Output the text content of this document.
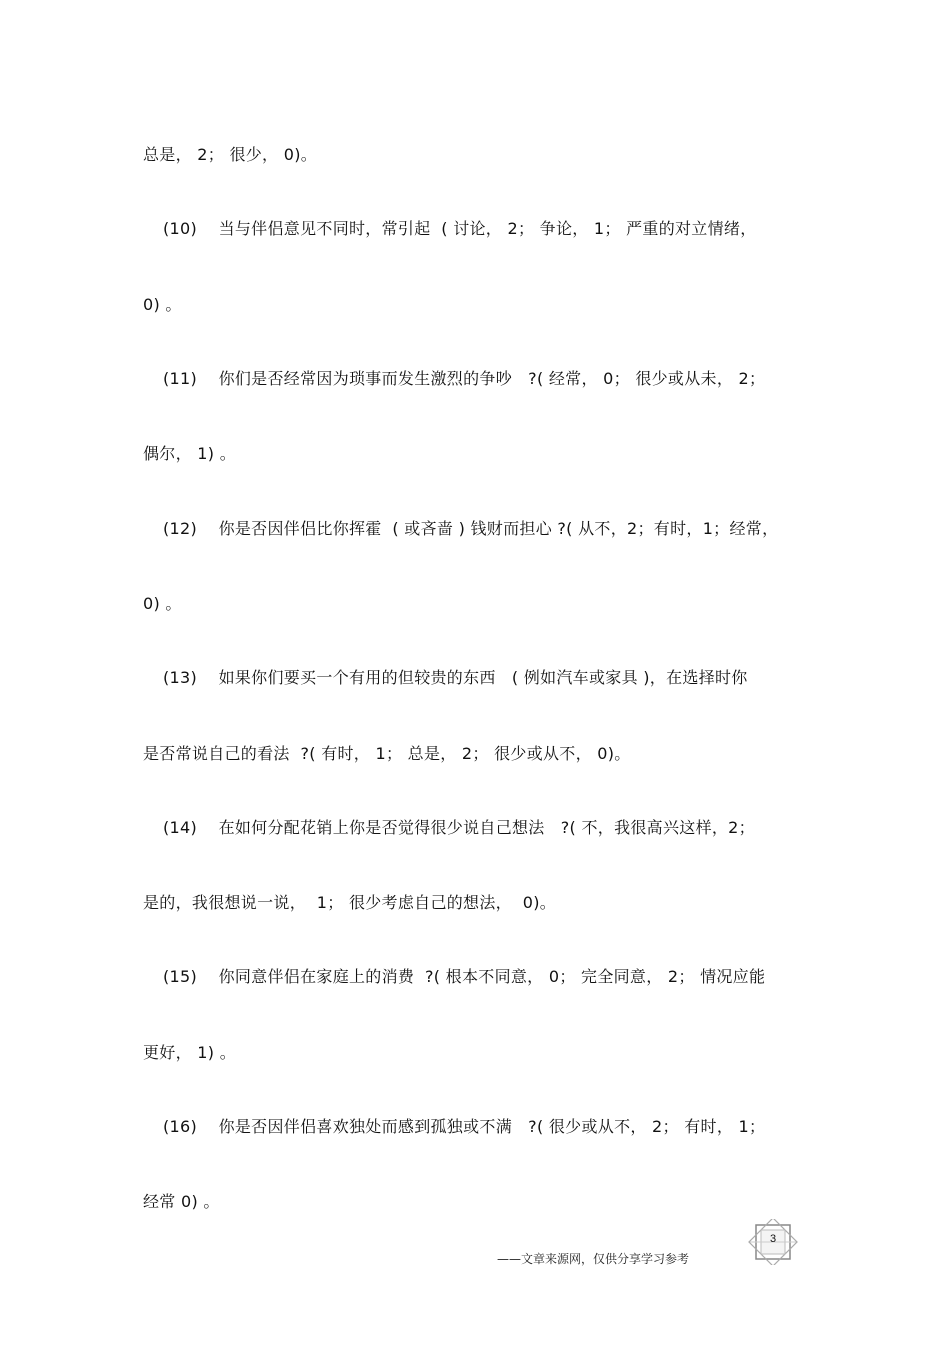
总是， 2； 很少， 0)。
(10)    当与伴侣意见不同时，常引起  ( 讨论， 2； 争论， 1； 严重的对立情绪，
0) 。
(11)    你们是否经常因为琐事而发生激烈的争吵   ?( 经常， 0； 很少或从未， 2；
偶尔， 1) 。
(12)    你是否因伴侣比你挥霍  ( 或吝啬 ) 钱财而担心 ?( 从不，2；有时，1；经常，
0) 。
(13)    如果你们要买一个有用的但较贵的东西   ( 例如汽车或家具 )，在选择时你
是否常说自己的看法  ?( 有时， 1； 总是， 2； 很少或从不， 0)。
(14)    在如何分配花销上你是否觉得很少说自己想法   ?( 不，我很高兴这样，2；
是的，我很想说一说，  1； 很少考虑自己的想法，  0)。
(15)    你同意伴侣在家庭上的消费  ?( 根本不同意， 0； 完全同意， 2； 情况应能
更好， 1) 。
(16)    你是否因伴侣喜欢独处而感到孤独或不满   ?( 很少或从不， 2； 有时， 1；
经常 0) 。
3
——文章来源网，仅供分享学习参考
